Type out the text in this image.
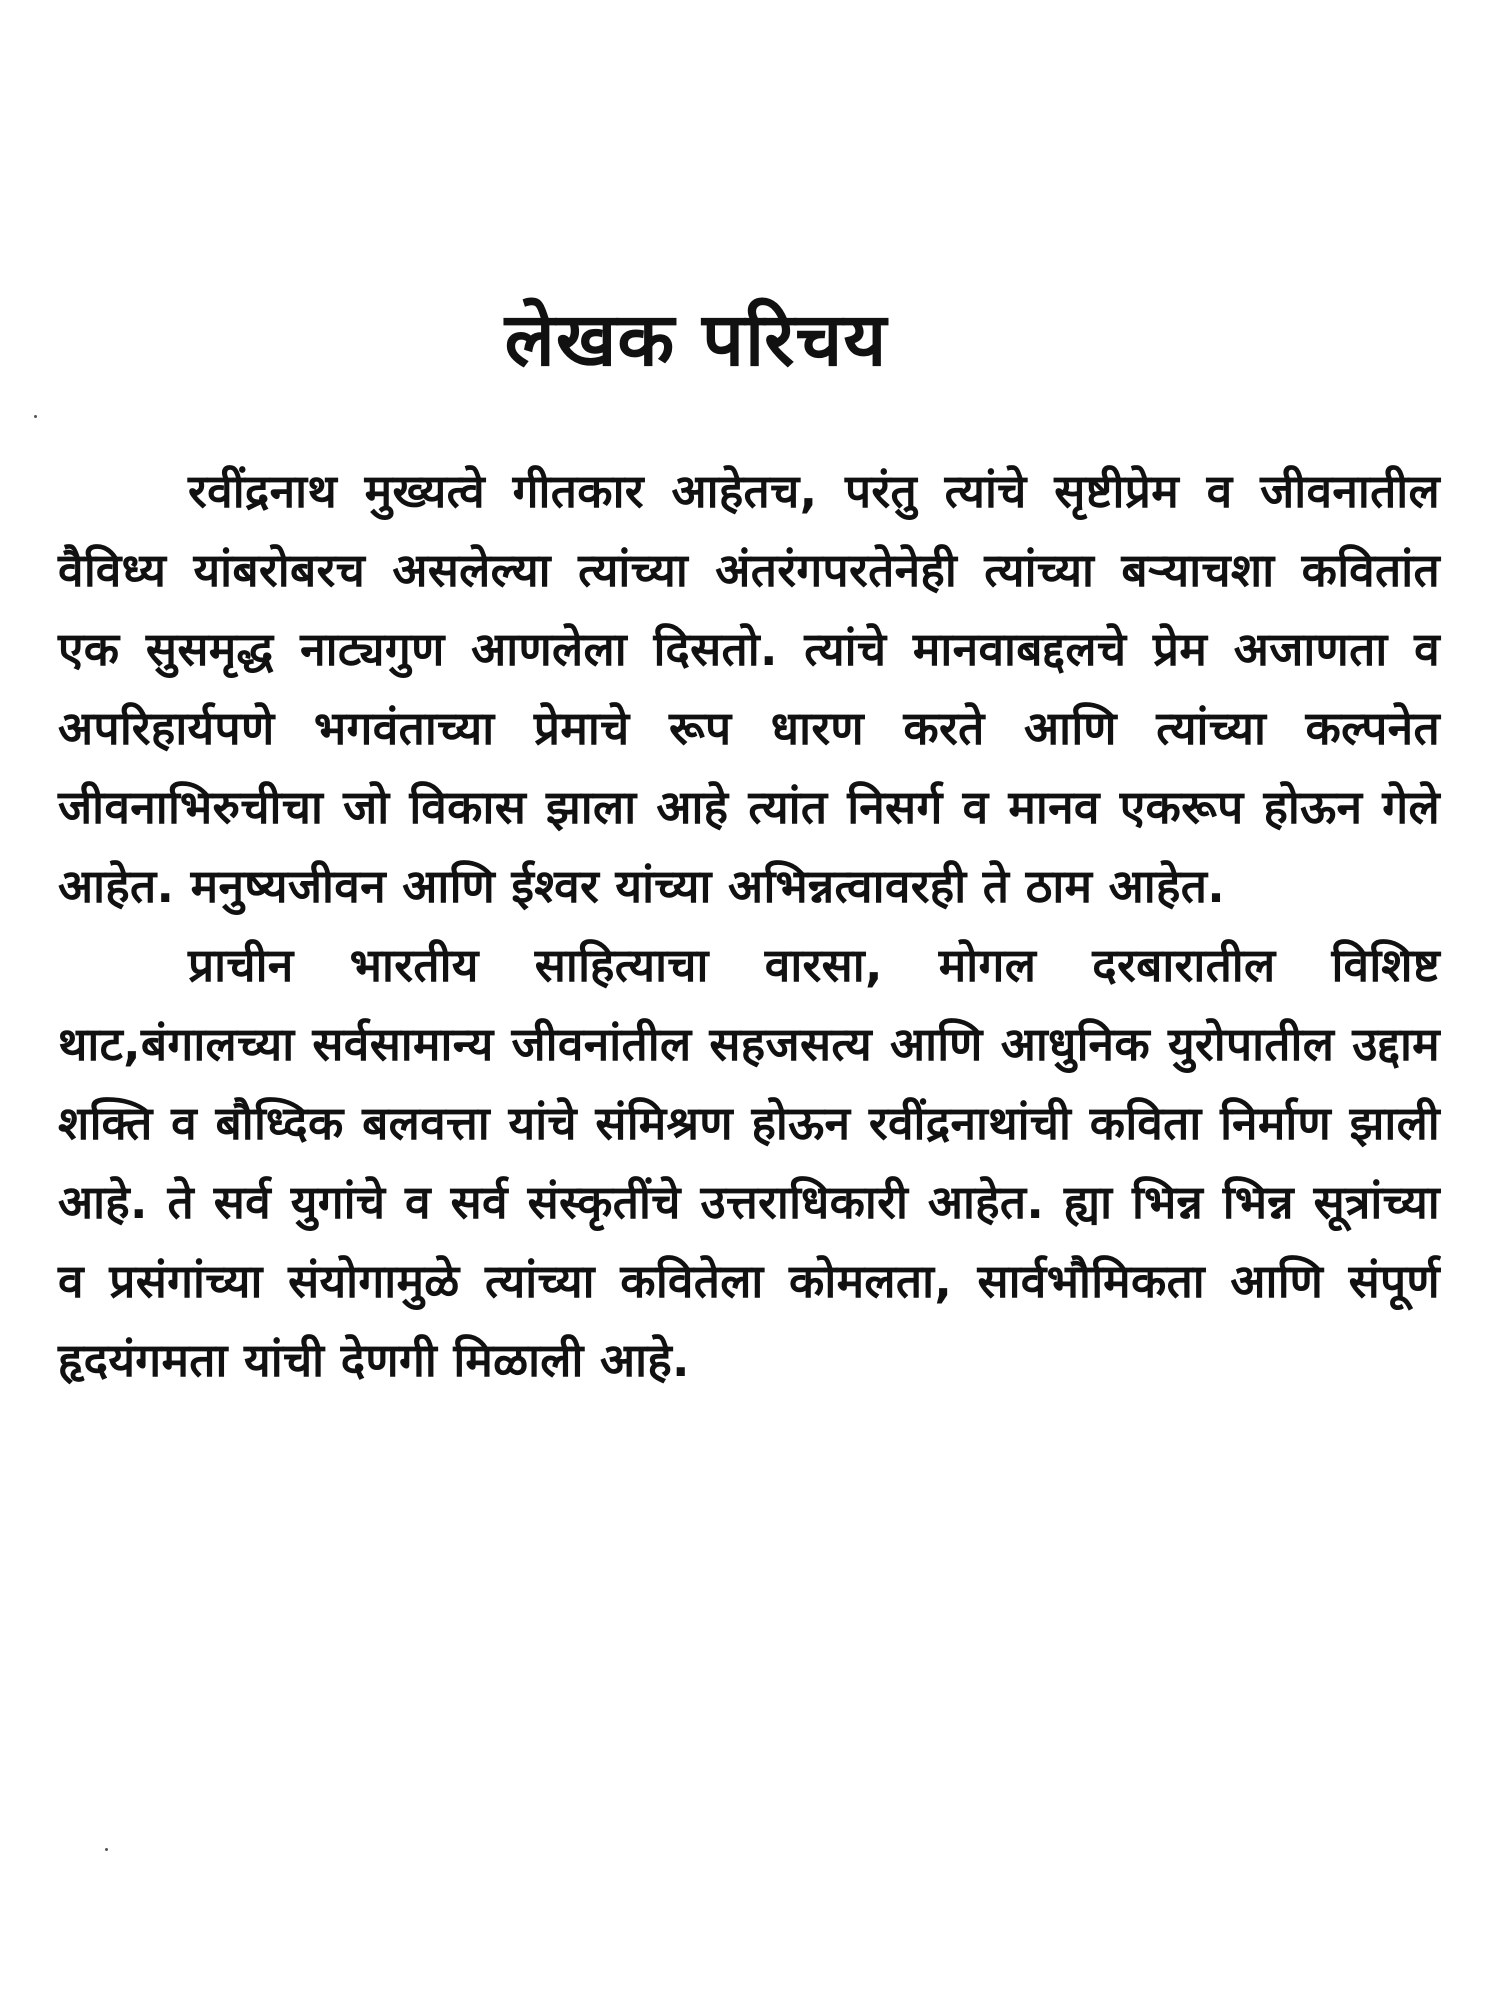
लेखक परिचय

रवींद्रनाथ मुख्यत्वे गीतकार आहेतच, परंतु त्यांचे सृष्टीप्रेम व जीवनातील वैविध्य यांबरोबरच असलेल्या त्यांच्या अंतरंगपरतेनेही त्यांच्या बऱ्याचशा कवितांत एक सुसमृद्ध नाट्यगुण आणलेला दिसतो. त्यांचे मानवाबद्दलचे प्रेम अजाणता व अपरिहार्यपणे भगवंताच्या प्रेमाचे रूप धारण करते आणि त्यांच्या कल्पनेत जीवनाभिरुचीचा जो विकास झाला आहे त्यांत निसर्ग व मानव एकरूप होऊन गेले आहेत. मनुष्यजीवन आणि ईश्वर यांच्या अभिन्नत्वावरही ते ठाम आहेत.

प्राचीन भारतीय साहित्याचा वारसा, मोगल दरबारातील विशिष्ट थाट,बंगालच्या सर्वसामान्य जीवनांतील सहजसत्य आणि आधुनिक युरोपातील उद्दाम शक्ति व बौध्दिक बलवत्ता यांचे संमिश्रण होऊन रवींद्रनाथांची कविता निर्माण झाली आहे. ते सर्व युगांचे व सर्व संस्कृतींचे उत्तराधिकारी आहेत. ह्या भिन्न भिन्न सूत्रांच्या व प्रसंगांच्या संयोगामुळे त्यांच्या कवितेला कोमलता, सार्वभौमिकता आणि संपूर्ण हृदयंगमता यांची देणगी मिळाली आहे.
